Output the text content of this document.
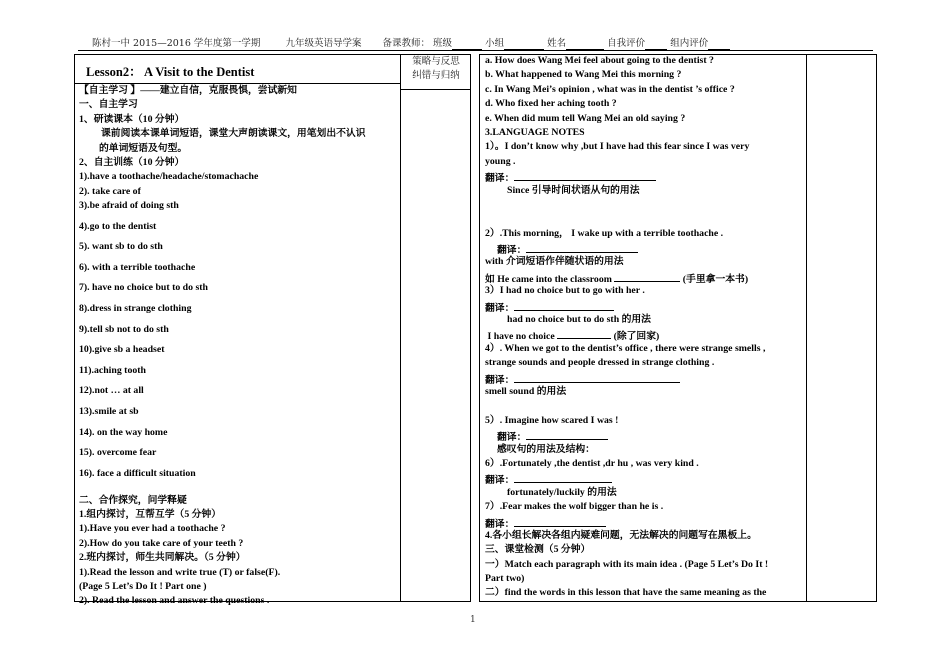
陈村一中 2015—2016 学年度第一学期	九年级英语导学案 备课教师： 班级	小组	姓名	自我评价	组内评价
Lesson2： A Visit to the Dentist
策略与反思
纠错与归纳
【自主学习 】——建立自信，克服畏惧，尝试新知
一、自主学习
1、研读课本（10 分钟）
课前阅读本课单词短语，课堂大声朗读课文，用笔划出不认识
的单词短语及句型。
2、自主训练（10 分钟）
1).have a toothache/headache/stomachache
2). take care of
3).be afraid of doing sth
4).go to the dentist
5). want sb to do sth
6). with a terrible toothache
7). have no choice but to do sth
8).dress in strange clothing
9).tell sb not to do sth
10).give sb a headset
11).aching tooth
12).not … at all
13).smile at sb
14). on the way home
15). overcome fear
16). face a difficult situation
二、合作探究，问学释疑
1.组内探讨，互帮互学（5 分钟）
1).Have you ever had a toothache ?
2).How do you take care of your teeth ?
2.班内探讨，师生共同解决。（5 分钟）
1).Read the lesson and write true (T) or false(F).
(Page 5 Let’s Do It ! Part one )
2). Read the lesson and answer the questions .
a. How does Wang Mei feel about going to the dentist ?
b. What happened to Wang Mei this morning ?
c. In Wang Mei’s opinion , what was in the dentist ’s office ?
d. Who fixed her aching tooth ?
e. When did mum tell Wang Mei an old saying ?
3.LANGUAGE NOTES
1）。I don’t know why ,but I have had this fear since I was very
young .
翻译：
Since 引导时间状语从句的用法
2）.This morning， I wake up with a terrible toothache .
翻译：
with 介词短语作伴随状语的用法
如 He came into the classroom	(手里拿一本书)
3）I had no choice but to go with her .
翻译：
had no choice but to do sth 的用法
I have no choice	(除了回家)
4）. When we got to the dentist’s office , there were strange smells ,
strange sounds and people dressed in strange clothing .
翻译：
smell sound 的用法
5）. Imagine how scared I was !
翻译：
感叹句的用法及结构：
6）.Fortunately ,the dentist ,dr hu , was very kind .
翻译：
fortunately/luckily 的用法
7）.Fear makes the wolf bigger than he is .
翻译：
4.各小组长解决各组内疑难问题，无法解决的问题写在黑板上。
三、课堂检测（5 分钟）
一）Match each paragraph with its main idea . (Page 5 Let’s Do It !
Part two)
二）find the words in this lesson that have the same meaning as the
1
